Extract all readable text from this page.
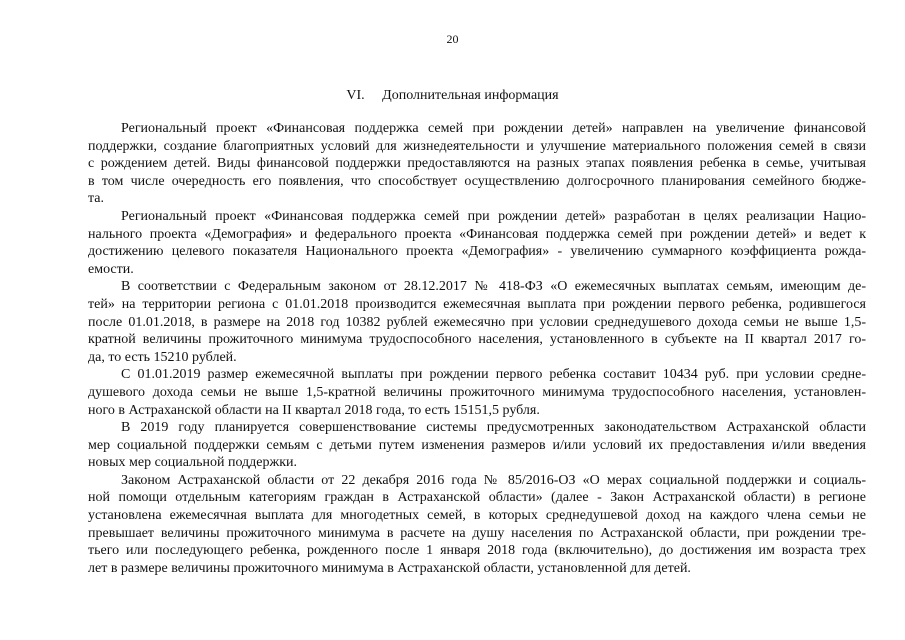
20
VI.     Дополнительная информация
Региональный проект «Финансовая поддержка семей при рождении детей» направлен на увеличение финансовой
поддержки, создание благоприятных условий для жизнедеятельности и улучшение материального положения семей в связи
с рождением детей. Виды финансовой поддержки предоставляются на разных этапах появления ребенка в семье, учитывая
в том числе очередность его появления, что способствует осуществлению долгосрочного планирования семейного бюдже-
та.
Региональный проект «Финансовая поддержка семей при рождении детей» разработан в целях реализации Нацио-
нального проекта «Демография» и федерального проекта «Финансовая поддержка семей при рождении детей» и ведет к
достижению целевого показателя Национального проекта «Демография» - увеличению суммарного коэффициента рожда-
емости.
В соответствии с Федеральным законом от 28.12.2017 № 418-ФЗ «О ежемесячных выплатах семьям, имеющим де-
тей» на территории региона с 01.01.2018 производится ежемесячная выплата при рождении первого ребенка, родившегося
после 01.01.2018, в размере на 2018 год 10382 рублей ежемесячно при условии среднедушевого дохода семьи не выше 1,5-
кратной величины прожиточного минимума трудоспособного населения, установленного в субъекте на II квартал 2017 го-
да, то есть 15210 рублей.
С 01.01.2019 размер ежемесячной выплаты при рождении первого ребенка составит 10434 руб. при условии средне-
душевого дохода семьи не выше 1,5-кратной величины прожиточного минимума трудоспособного населения, установлен-
ного в Астраханской области на II квартал 2018 года, то есть 15151,5 рубля.
В 2019 году планируется совершенствование системы предусмотренных законодательством Астраханской области
мер социальной поддержки семьям с детьми путем изменения размеров и/или условий их предоставления и/или введения
новых мер социальной поддержки.
Законом Астраханской области от 22 декабря 2016 года № 85/2016-ОЗ «О мерах социальной поддержки и социаль-
ной помощи отдельным категориям граждан в Астраханской области» (далее - Закон Астраханской области) в регионе
установлена ежемесячная выплата для многодетных семей, в которых среднедушевой доход на каждого члена семьи не
превышает величины прожиточного минимума в расчете на душу населения по Астраханской области, при рождении тре-
тьего или последующего ребенка, рожденного после 1 января 2018 года (включительно), до достижения им возраста трех
лет в размере величины прожиточного минимума в Астраханской области, установленной для детей.
